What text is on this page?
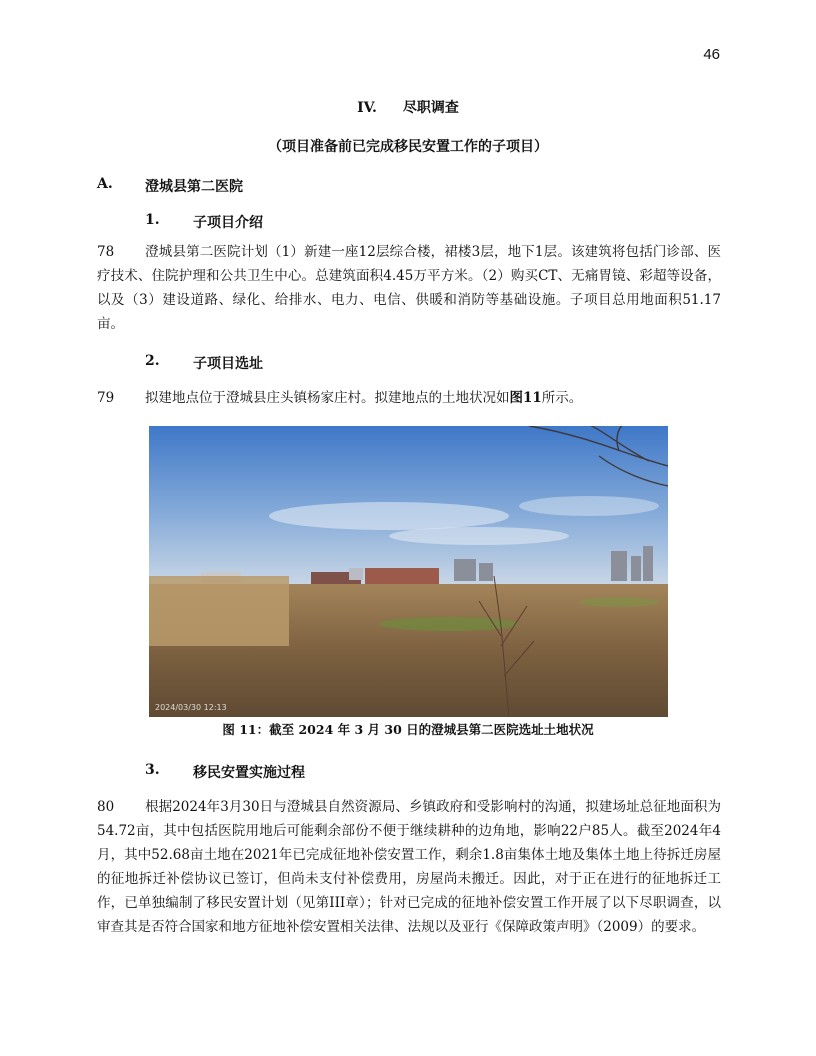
46
IV. 尽职调查
（项目准备前已完成移民安置工作的子项目）
A. 澄城县第二医院
1. 子项目介绍
78 澄城县第二医院计划（1）新建一座12层综合楼，裙楼3层，地下1层。该建筑将包括门诊部、医疗技术、住院护理和公共卫生中心。总建筑面积4.45万平方米。（2）购买CT、无痛胃镜、彩超等设备，以及（3）建设道路、绿化、给排水、电力、电信、供暖和消防等基础设施。子项目总用地面积51.17亩。
2. 子项目选址
79 拟建地点位于澄城县庄头镇杨家庄村。拟建地点的土地状况如图11所示。
2024/03/30 12:13
图 11：截至 2024 年 3 月 30 日的澄城县第二医院选址土地状况
3. 移民安置实施过程
80 根据2024年3月30日与澄城县自然资源局、乡镇政府和受影响村的沟通，拟建场址总征地面积为54.72亩，其中包括医院用地后可能剩余部份不便于继续耕种的边角地，影响22户85人。截至2024年4月，其中52.68亩土地在2021年已完成征地补偿安置工作，剩余1.8亩集体土地及集体土地上待拆迁房屋的征地拆迁补偿协议已签订，但尚未支付补偿费用，房屋尚未搬迁。因此，对于正在进行的征地拆迁工作，已单独编制了移民安置计划（见第III章）；针对已完成的征地补偿安置工作开展了以下尽职调查，以审查其是否符合国家和地方征地补偿安置相关法律、法规以及亚行《保障政策声明》（2009）的要求。
